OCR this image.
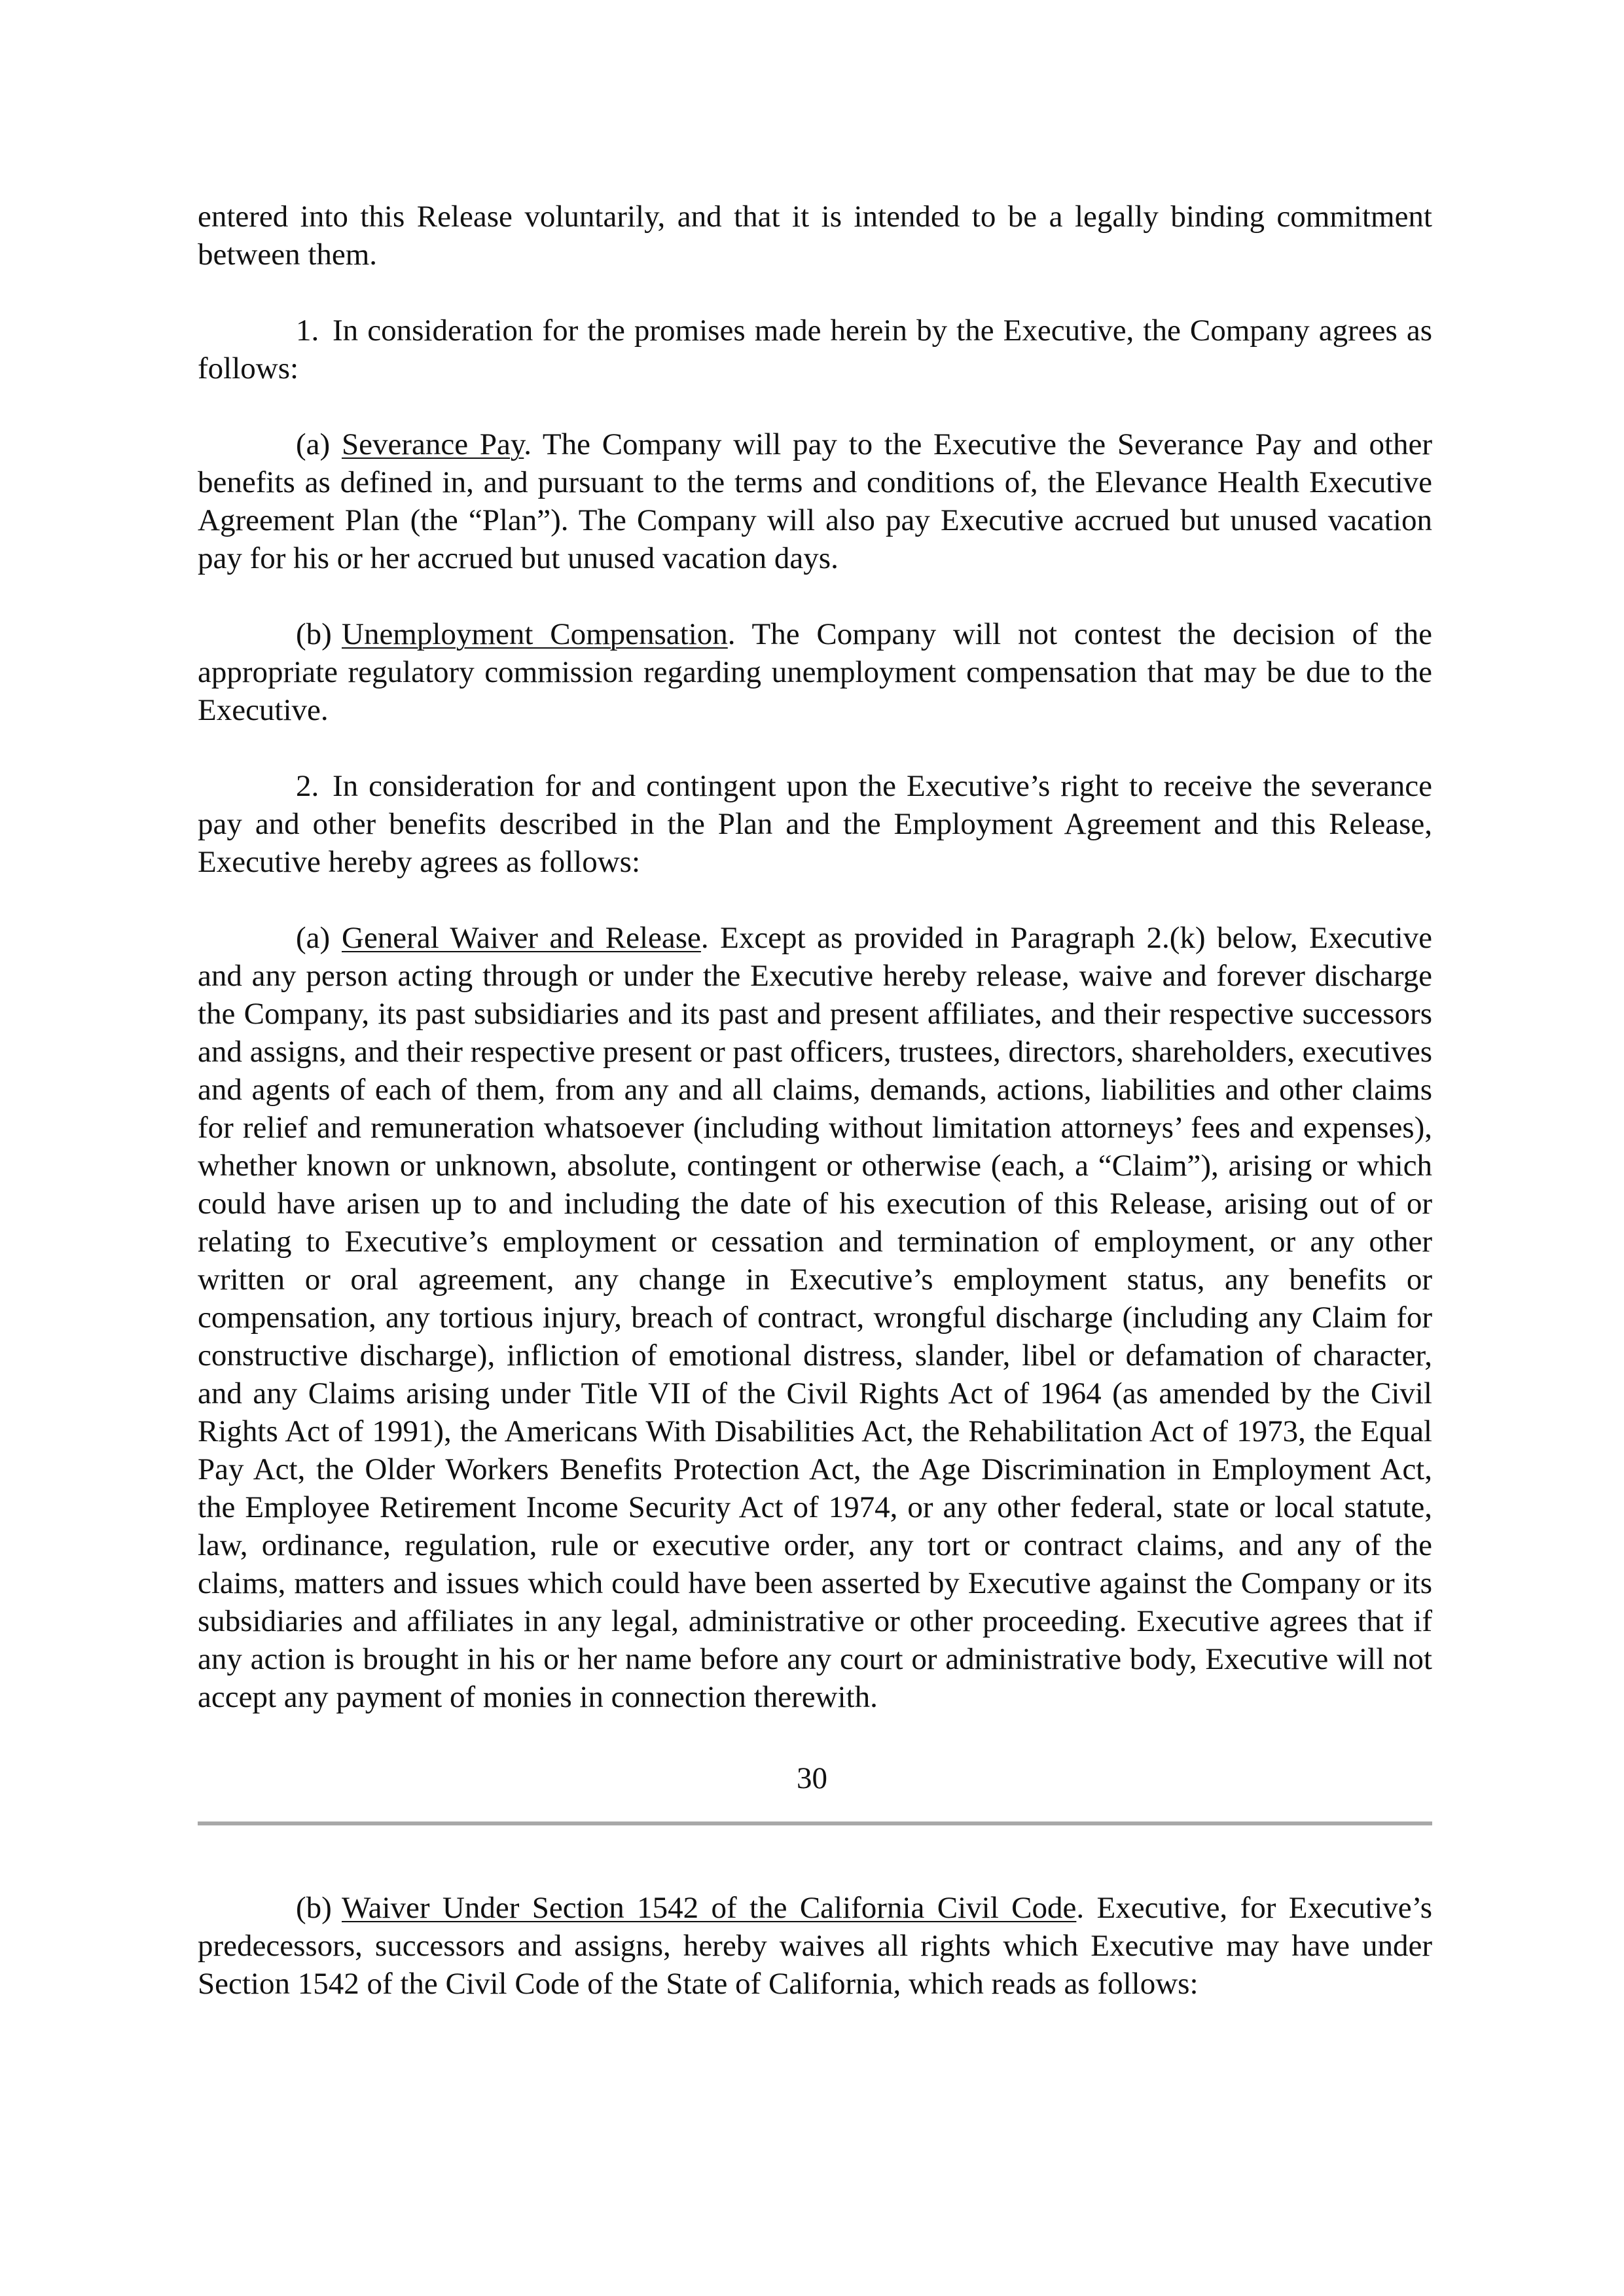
entered into this Release voluntarily, and that it is intended to be a legally binding commitment between them.

1. In consideration for the promises made herein by the Executive, the Company agrees as follows:

(a) Severance Pay. The Company will pay to the Executive the Severance Pay and other benefits as defined in, and pursuant to the terms and conditions of, the Elevance Health Executive Agreement Plan (the “Plan”). The Company will also pay Executive accrued but unused vacation pay for his or her accrued but unused vacation days.

(b) Unemployment Compensation. The Company will not contest the decision of the appropriate regulatory commission regarding unemployment compensation that may be due to the Executive.

2. In consideration for and contingent upon the Executive’s right to receive the severance pay and other benefits described in the Plan and the Employment Agreement and this Release, Executive hereby agrees as follows:

(a) General Waiver and Release. Except as provided in Paragraph 2.(k) below, Executive and any person acting through or under the Executive hereby release, waive and forever discharge the Company, its past subsidiaries and its past and present affiliates, and their respective successors and assigns, and their respective present or past officers, trustees, directors, shareholders, executives and agents of each of them, from any and all claims, demands, actions, liabilities and other claims for relief and remuneration whatsoever (including without limitation attorneys’ fees and expenses), whether known or unknown, absolute, contingent or otherwise (each, a “Claim”), arising or which could have arisen up to and including the date of his execution of this Release, arising out of or relating to Executive’s employment or cessation and termination of employment, or any other written or oral agreement, any change in Executive’s employment status, any benefits or compensation, any tortious injury, breach of contract, wrongful discharge (including any Claim for constructive discharge), infliction of emotional distress, slander, libel or defamation of character, and any Claims arising under Title VII of the Civil Rights Act of 1964 (as amended by the Civil Rights Act of 1991), the Americans With Disabilities Act, the Rehabilitation Act of 1973, the Equal Pay Act, the Older Workers Benefits Protection Act, the Age Discrimination in Employment Act, the Employee Retirement Income Security Act of 1974, or any other federal, state or local statute, law, ordinance, regulation, rule or executive order, any tort or contract claims, and any of the claims, matters and issues which could have been asserted by Executive against the Company or its subsidiaries and affiliates in any legal, administrative or other proceeding. Executive agrees that if any action is brought in his or her name before any court or administrative body, Executive will not accept any payment of monies in connection therewith.

30

(b) Waiver Under Section 1542 of the California Civil Code. Executive, for Executive’s predecessors, successors and assigns, hereby waives all rights which Executive may have under Section 1542 of the Civil Code of the State of California, which reads as follows:
